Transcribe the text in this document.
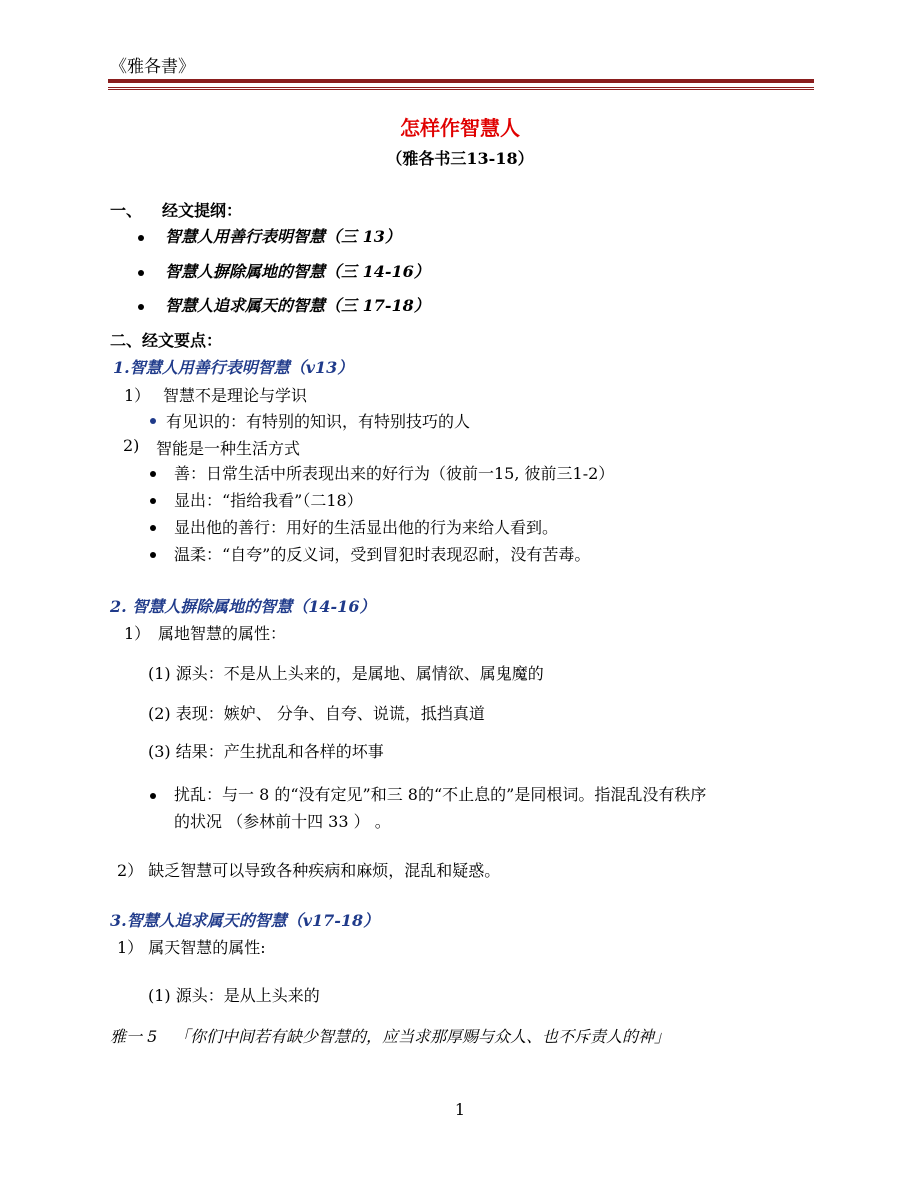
《雅各書》
怎样作智慧人
（雅各书三13-18）
一、 经文提纲：
智慧人用善行表明智慧（三 13）
智慧人摒除属地的智慧（三 14-16）
智慧人追求属天的智慧（三 17-18）
二、经文要点：
1.智慧人用善行表明智慧（v13）
1） 智慧不是理论与学识
有见识的：有特别的知识，有特别技巧的人
2) 智能是一种生活方式
善：日常生活中所表现出来的好行为（彼前一15, 彼前三1-2）
显出：“指给我看”（二18）
显出他的善行：用好的生活显出他的行为来给人看到。
温柔：“自夸”的反义词，受到冒犯时表现忍耐，没有苦毒。
2. 智慧人摒除属地的智慧（14-16）
1） 属地智慧的属性：
(1) 源头：不是从上头来的，是属地、属情欲、属鬼魔的
(2) 表现：嫉妒、 分争、自夸、说谎，抵挡真道
(3) 结果：产生扰乱和各样的坏事
扰乱：与一 8 的“没有定见”和三 8的“不止息的”是同根词。指混乱没有秩序
的状况 （参林前十四 33 ） 。
2） 缺乏智慧可以导致各种疾病和麻烦，混乱和疑惑。
3.智慧人追求属天的智慧（v17-18）
1） 属天智慧的属性:
(1) 源头：是从上头来的
雅一 5 「你们中间若有缺少智慧的，应当求那厚赐与众人、也不斥责人的神」
1
